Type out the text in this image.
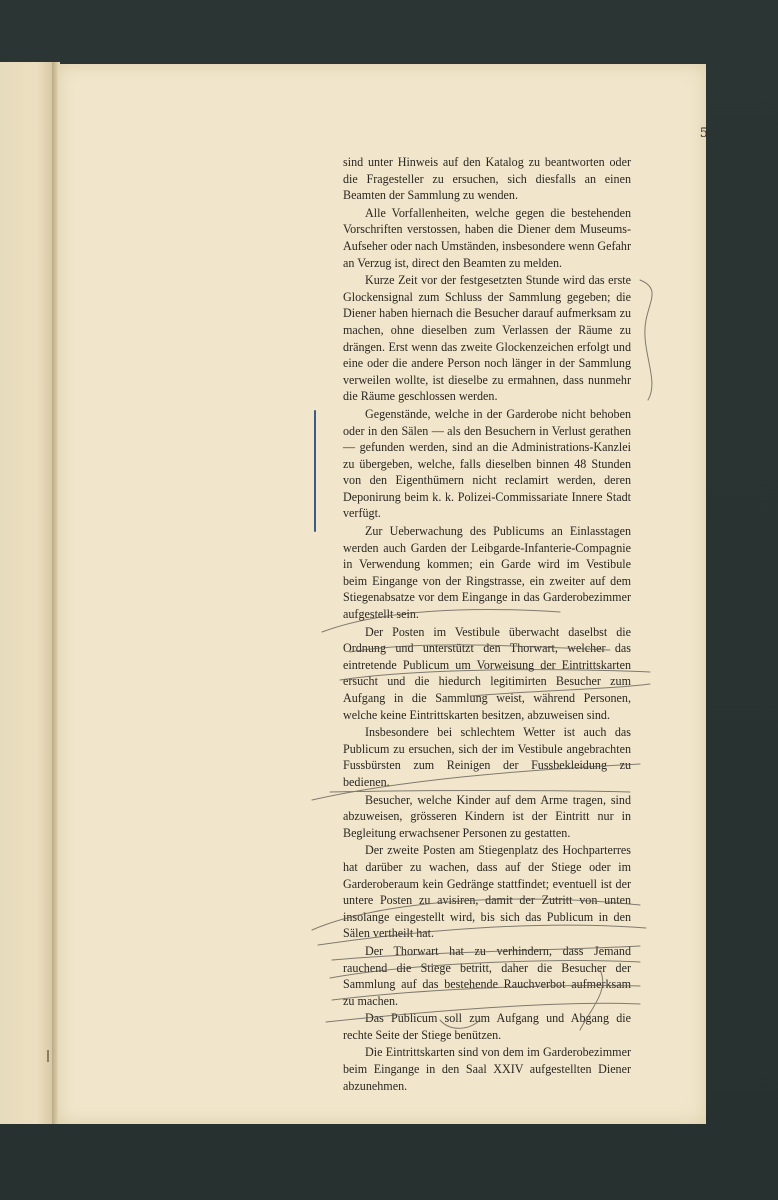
5

sind unter Hinweis auf den Katalog zu beantworten oder die Fragesteller zu ersuchen, sich diesfalls an einen Beamten der Sammlung zu wenden.

Alle Vorfallenheiten, welche gegen die bestehenden Vorschriften verstossen, haben die Diener dem Museums-Aufseher oder nach Umständen, insbesondere wenn Gefahr an Verzug ist, direct den Beamten zu melden.

Kurze Zeit vor der festgesetzten Stunde wird das erste Glockensignal zum Schluss der Sammlung gegeben; die Diener haben hiernach die Besucher darauf aufmerksam zu machen, ohne dieselben zum Verlassen der Räume zu drängen. Erst wenn das zweite Glockenzeichen erfolgt und eine oder die andere Person noch länger in der Sammlung verweilen wollte, ist dieselbe zu ermahnen, dass nunmehr die Räume geschlossen werden.

Gegenstände, welche in der Garderobe nicht behoben oder in den Sälen — als den Besuchern in Verlust gerathen — gefunden werden, sind an die Administrations-Kanzlei zu übergeben, welche, falls dieselben binnen 48 Stunden von den Eigenthümern nicht reclamirt werden, deren Deponirung beim k. k. Polizei-Commissariate Innere Stadt verfügt.

Zur Ueberwachung des Publicums an Einlasstagen werden auch Garden der Leibgarde-Infanterie-Compagnie in Verwendung kommen; ein Garde wird im Vestibule beim Eingange von der Ringstrasse, ein zweiter auf dem Stiegenabsatze vor dem Eingange in das Garderobezimmer aufgestellt sein.

Der Posten im Vestibule überwacht daselbst die Ordnung und unterstützt den Thorwart, welcher das eintretende Publicum um Vorweisung der Eintrittskarten ersucht und die hiedurch legitimirten Besucher zum Aufgang in die Sammlung weist, während Personen, welche keine Eintrittskarten besitzen, abzuweisen sind.

Insbesondere bei schlechtem Wetter ist auch das Publicum zu ersuchen, sich der im Vestibule angebrachten Fussbürsten zum Reinigen der Fussbekleidung zu bedienen.

Besucher, welche Kinder auf dem Arme tragen, sind abzuweisen, grösseren Kindern ist der Eintritt nur in Begleitung erwachsener Personen zu gestatten.

Der zweite Posten am Stiegenplatz des Hochparterres hat darüber zu wachen, dass auf der Stiege oder im Garderoberaum kein Gedränge stattfindet; eventuell ist der untere Posten zu avisiren, damit der Zutritt von unten insolange eingestellt wird, bis sich das Publicum in den Sälen vertheilt hat.

Der Thorwart hat zu verhindern, dass Jemand rauchend die Stiege betritt, daher die Besucher der Sammlung auf das bestehende Rauchverbot aufmerksam zu machen.

Das Publicum soll zum Aufgang und Abgang die rechte Seite der Stiege benützen.

Die Eintrittskarten sind von dem im Garderobezimmer beim Eingange in den Saal XXIV aufgestellten Diener abzunehmen.
